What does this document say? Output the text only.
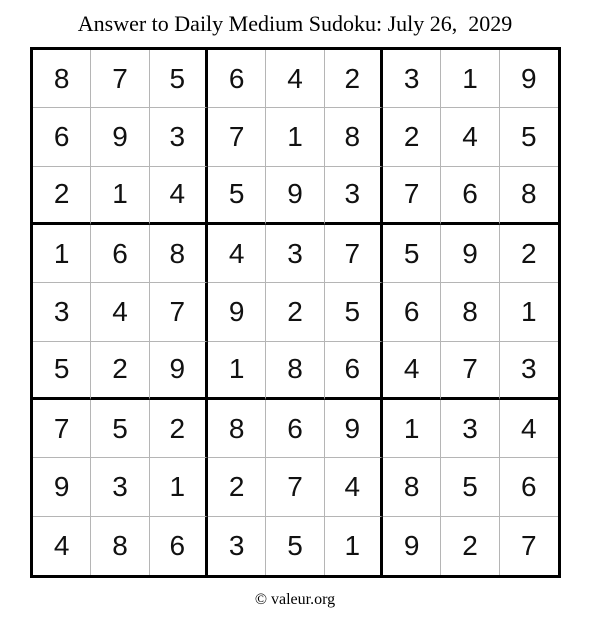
Answer to Daily Medium Sudoku: July 26,  2029
8	7	5	6	4	2	3	1	9
6	9	3	7	1	8	2	4	5
2	1	4	5	9	3	7	6	8
1	6	8	4	3	7	5	9	2
3	4	7	9	2	5	6	8	1
5	2	9	1	8	6	4	7	3
7	5	2	8	6	9	1	3	4
9	3	1	2	7	4	8	5	6
4	8	6	3	5	1	9	2	7
© valeur.org
